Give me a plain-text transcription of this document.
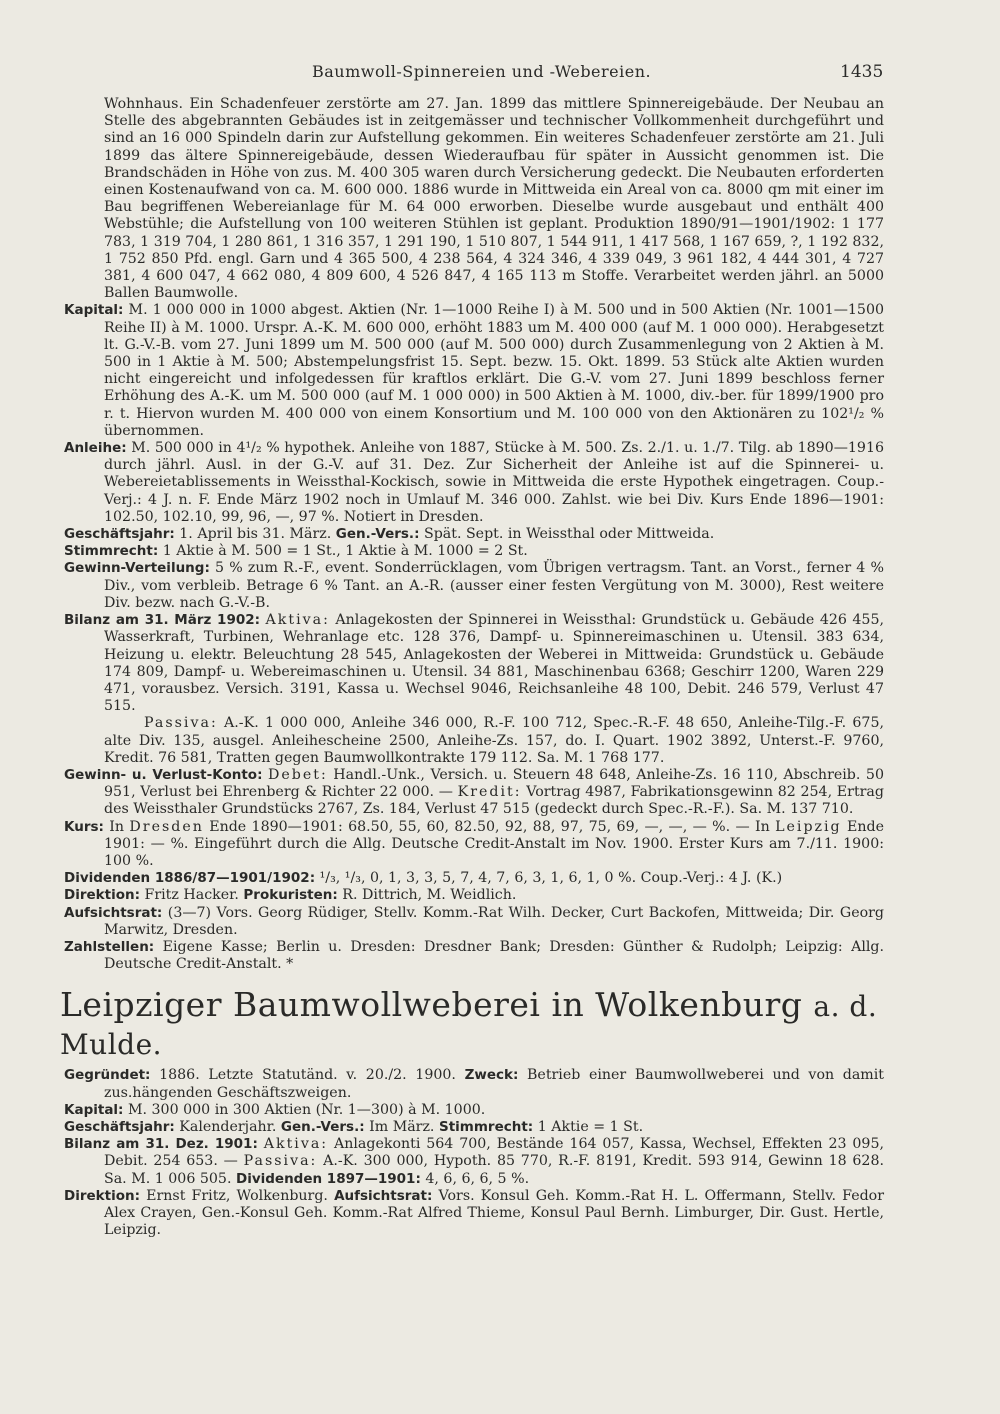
Baumwoll-Spinnereien und -Webereien.	1435

Wohnhaus. Ein Schadenfeuer zerstörte am 27. Jan. 1899 das mittlere Spinnereigebäude. Der Neubau an Stelle des abgebrannten Gebäudes ist in zeitgemässer und technischer Vollkommenheit durchgeführt und sind an 16 000 Spindeln darin zur Aufstellung gekommen. Ein weiteres Schadenfeuer zerstörte am 21. Juli 1899 das ältere Spinnereigebäude, dessen Wiederaufbau für später in Aussicht genommen ist. Die Brandschäden in Höhe von zus. M. 400 305 waren durch Versicherung gedeckt. Die Neubauten erforderten einen Kostenaufwand von ca. M. 600 000. 1886 wurde in Mittweida ein Areal von ca. 8000 qm mit einer im Bau begriffenen Webereianlage für M. 64 000 erworben. Dieselbe wurde ausgebaut und enthält 400 Webstühle; die Aufstellung von 100 weiteren Stühlen ist geplant. Produktion 1890/91—1901/1902: 1 177 783, 1 319 704, 1 280 861, 1 316 357, 1 291 190, 1 510 807, 1 544 911, 1 417 568, 1 167 659, ?, 1 192 832, 1 752 850 Pfd. engl. Garn und 4 365 500, 4 238 564, 4 324 346, 4 339 049, 3 961 182, 4 444 301, 4 727 381, 4 600 047, 4 662 080, 4 809 600, 4 526 847, 4 165 113 m Stoffe. Verarbeitet werden jährl. an 5000 Ballen Baumwolle.

Kapital: M. 1 000 000 in 1000 abgest. Aktien (Nr. 1—1000 Reihe I) à M. 500 und in 500 Aktien (Nr. 1001—1500 Reihe II) à M. 1000. Urspr. A.-K. M. 600 000, erhöht 1883 um M. 400 000 (auf M. 1 000 000). Herabgesetzt lt. G.-V.-B. vom 27. Juni 1899 um M. 500 000 (auf M. 500 000) durch Zusammenlegung von 2 Aktien à M. 500 in 1 Aktie à M. 500; Abstempelungsfrist 15. Sept. bezw. 15. Okt. 1899. 53 Stück alte Aktien wurden nicht eingereicht und infolgedessen für kraftlos erklärt. Die G.-V. vom 27. Juni 1899 beschloss ferner Erhöhung des A.-K. um M. 500 000 (auf M. 1 000 000) in 500 Aktien à M. 1000, div.-ber. für 1899/1900 pro r. t. Hiervon wurden M. 400 000 von einem Konsortium und M. 100 000 von den Aktionären zu 102¹/₂ % übernommen.

Anleihe: M. 500 000 in 4¹/₂ % hypothek. Anleihe von 1887, Stücke à M. 500. Zs. 2./1. u. 1./7. Tilg. ab 1890—1916 durch jährl. Ausl. in der G.-V. auf 31. Dez. Zur Sicherheit der Anleihe ist auf die Spinnerei- u. Webereietablissements in Weissthal-Kockisch, sowie in Mittweida die erste Hypothek eingetragen. Coup.-Verj.: 4 J. n. F. Ende März 1902 noch in Umlauf M. 346 000. Zahlst. wie bei Div. Kurs Ende 1896—1901: 102.50, 102.10, 99, 96, —, 97 %. Notiert in Dresden.

Geschäftsjahr: 1. April bis 31. März. Gen.-Vers.: Spät. Sept. in Weissthal oder Mittweida.

Stimmrecht: 1 Aktie à M. 500 = 1 St., 1 Aktie à M. 1000 = 2 St.

Gewinn-Verteilung: 5 % zum R.-F., event. Sonderrücklagen, vom Übrigen vertragsm. Tant. an Vorst., ferner 4 % Div., vom verbleib. Betrage 6 % Tant. an A.-R. (ausser einer festen Vergütung von M. 3000), Rest weitere Div. bezw. nach G.-V.-B.

Bilanz am 31. März 1902: Aktiva: Anlagekosten der Spinnerei in Weissthal: Grundstück u. Gebäude 426 455, Wasserkraft, Turbinen, Wehranlage etc. 128 376, Dampf- u. Spinnereimaschinen u. Utensil. 383 634, Heizung u. elektr. Beleuchtung 28 545, Anlagekosten der Weberei in Mittweida: Grundstück u. Gebäude 174 809, Dampf- u. Webereimaschinen u. Utensil. 34 881, Maschinenbau 6368; Geschirr 1200, Waren 229 471, vorausbez. Versich. 3191, Kassa u. Wechsel 9046, Reichsanleihe 48 100, Debit. 246 579, Verlust 47 515.

Passiva: A.-K. 1 000 000, Anleihe 346 000, R.-F. 100 712, Spec.-R.-F. 48 650, Anleihe-Tilg.-F. 675, alte Div. 135, ausgel. Anleihescheine 2500, Anleihe-Zs. 157, do. I. Quart. 1902 3892, Unterst.-F. 9760, Kredit. 76 581, Tratten gegen Baumwollkontrakte 179 112. Sa. M. 1 768 177.

Gewinn- u. Verlust-Konto: Debet: Handl.-Unk., Versich. u. Steuern 48 648, Anleihe-Zs. 16 110, Abschreib. 50 951, Verlust bei Ehrenberg & Richter 22 000. — Kredit: Vortrag 4987, Fabrikationsgewinn 82 254, Ertrag des Weissthaler Grundstücks 2767, Zs. 184, Verlust 47 515 (gedeckt durch Spec.-R.-F.). Sa. M. 137 710.

Kurs: In Dresden Ende 1890—1901: 68.50, 55, 60, 82.50, 92, 88, 97, 75, 69, —, —, — %. — In Leipzig Ende 1901: — %. Eingeführt durch die Allg. Deutsche Credit-Anstalt im Nov. 1900. Erster Kurs am 7./11. 1900: 100 %.

Dividenden 1886/87—1901/1902: ¹/₃, ¹/₃, 0, 1, 3, 3, 5, 7, 4, 7, 6, 3, 1, 6, 1, 0 %. Coup.-Verj.: 4 J. (K.)

Direktion: Fritz Hacker. Prokuristen: R. Dittrich, M. Weidlich.

Aufsichtsrat: (3—7) Vors. Georg Rüdiger, Stellv. Komm.-Rat Wilh. Decker, Curt Backofen, Mittweida; Dir. Georg Marwitz, Dresden.

Zahlstellen: Eigene Kasse; Berlin u. Dresden: Dresdner Bank; Dresden: Günther & Rudolph; Leipzig: Allg. Deutsche Credit-Anstalt. *

Leipziger Baumwollweberei in Wolkenburg a. d. Mulde.

Gegründet: 1886. Letzte Statutänd. v. 20./2. 1900. Zweck: Betrieb einer Baumwollweberei und von damit zus.hängenden Geschäftszweigen.

Kapital: M. 300 000 in 300 Aktien (Nr. 1—300) à M. 1000.

Geschäftsjahr: Kalenderjahr. Gen.-Vers.: Im März. Stimmrecht: 1 Aktie = 1 St.

Bilanz am 31. Dez. 1901: Aktiva: Anlagekonti 564 700, Bestände 164 057, Kassa, Wechsel, Effekten 23 095, Debit. 254 653. — Passiva: A.-K. 300 000, Hypoth. 85 770, R.-F. 8191, Kredit. 593 914, Gewinn 18 628. Sa. M. 1 006 505. Dividenden 1897—1901: 4, 6, 6, 6, 5 %.

Direktion: Ernst Fritz, Wolkenburg. Aufsichtsrat: Vors. Konsul Geh. Komm.-Rat H. L. Offermann, Stellv. Fedor Alex Crayen, Gen.-Konsul Geh. Komm.-Rat Alfred Thieme, Konsul Paul Bernh. Limburger, Dir. Gust. Hertle, Leipzig.
